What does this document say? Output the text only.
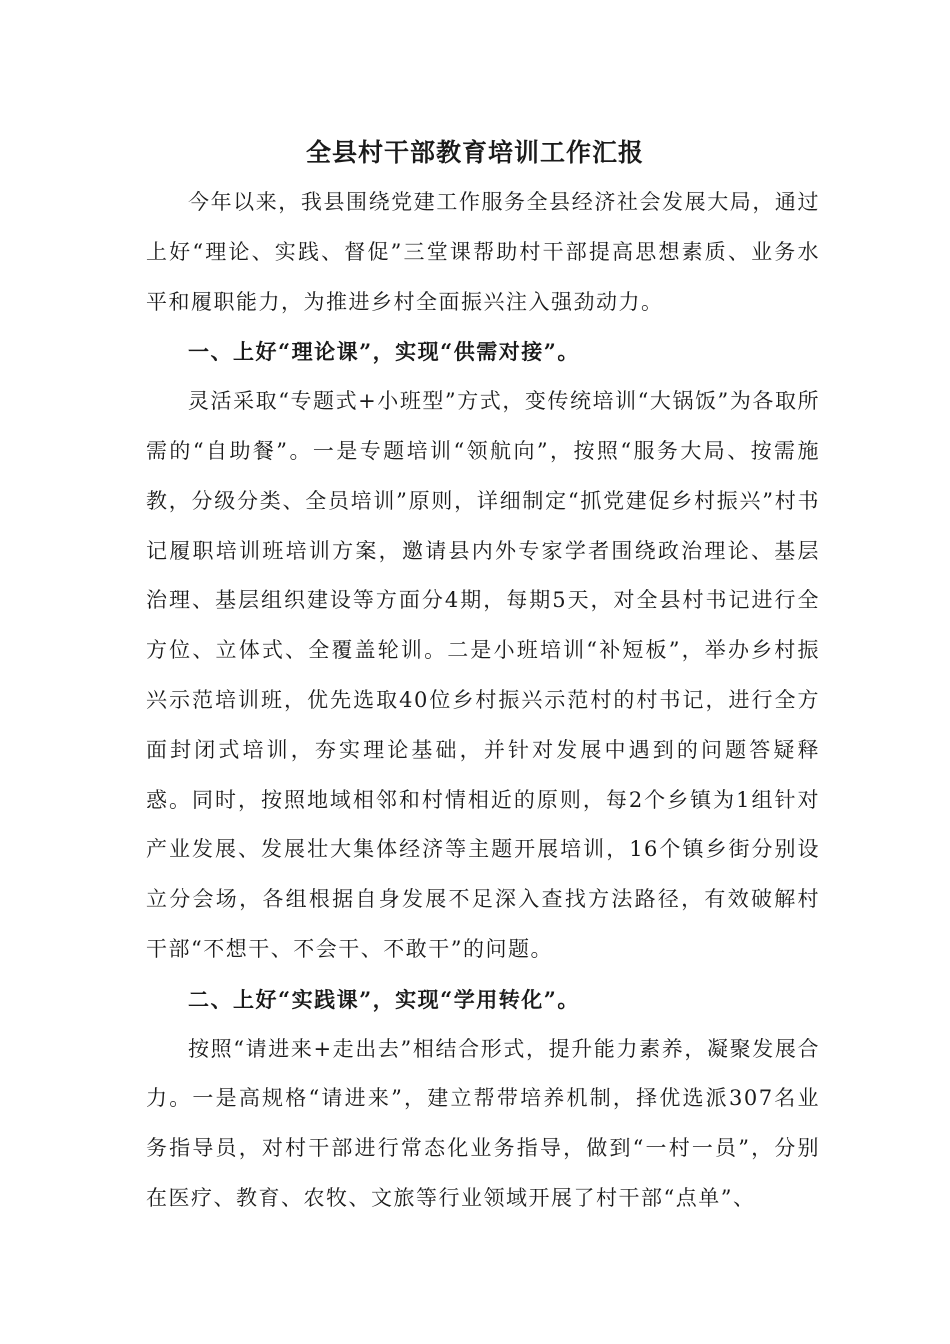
全县村干部教育培训工作汇报

今年以来，我县围绕党建工作服务全县经济社会发展大局，通过上好“理论、实践、督促”三堂课帮助村干部提高思想素质、业务水平和履职能力，为推进乡村全面振兴注入强劲动力。

一、上好“理论课”，实现“供需对接”。

灵活采取“专题式+小班型”方式，变传统培训“大锅饭”为各取所需的“自助餐”。一是专题培训“领航向”，按照“服务大局、按需施教，分级分类、全员培训”原则，详细制定“抓党建促乡村振兴”村书记履职培训班培训方案，邀请县内外专家学者围绕政治理论、基层治理、基层组织建设等方面分4期，每期5天，对全县村书记进行全方位、立体式、全覆盖轮训。二是小班培训“补短板”，举办乡村振兴示范培训班，优先选取40位乡村振兴示范村的村书记，进行全方面封闭式培训，夯实理论基础，并针对发展中遇到的问题答疑释惑。同时，按照地域相邻和村情相近的原则，每2个乡镇为1组针对产业发展、发展壮大集体经济等主题开展培训，16个镇乡街分别设立分会场，各组根据自身发展不足深入查找方法路径，有效破解村干部“不想干、不会干、不敢干”的问题。

二、上好“实践课”，实现“学用转化”。

按照“请进来+走出去”相结合形式，提升能力素养，凝聚发展合力。一是高规格“请进来”，建立帮带培养机制，择优选派307名业务指导员，对村干部进行常态化业务指导，做到“一村一员”，分别在医疗、教育、农牧、文旅等行业领域开展了村干部“点单”、
